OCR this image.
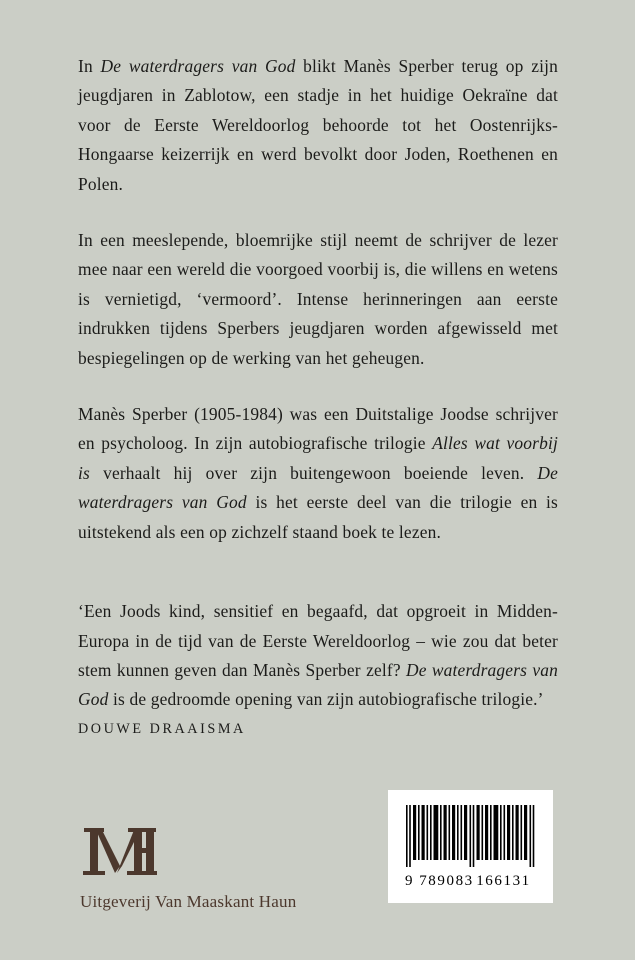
In De waterdragers van God blikt Manès Sperber terug op zijn jeugdjaren in Zablotow, een stadje in het huidige Oekraïne dat voor de Eerste Wereldoorlog behoorde tot het Oostenrijks-Hongaarse keizerrijk en werd bevolkt door Joden, Roethenen en Polen.

In een meeslepende, bloemrijke stijl neemt de schrijver de lezer mee naar een wereld die voorgoed voorbij is, die willens en wetens is vernietigd, ‘vermoord’. Intense herinneringen aan eerste indrukken tijdens Sperbers jeugdjaren worden afgewisseld met bespiegelingen op de werking van het geheugen.

Manès Sperber (1905-1984) was een Duitstalige Joodse schrijver en psycholoog. In zijn autobiografische trilogie Alles wat voorbij is verhaalt hij over zijn buitengewoon boeiende leven. De waterdragers van God is het eerste deel van die trilogie en is uitstekend als een op zichzelf staand boek te lezen.

‘Een Joods kind, sensitief en begaafd, dat opgroeit in Midden-Europa in de tijd van de Eerste Wereldoorlog – wie zou dat beter stem kunnen geven dan Manès Sperber zelf? De waterdragers van God is de gedroomde opening van zijn autobiografische trilogie.’

DOUWE DRAAISMA

Uitgeverij Van Maaskant Haun

9 789083 166131
